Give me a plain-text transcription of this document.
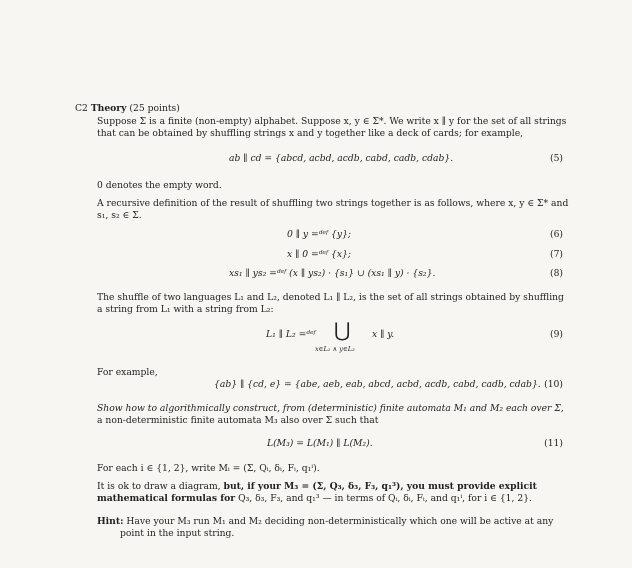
C2 Theory (25 points)
Suppose Σ is a finite (non-empty) alphabet. Suppose x, y ∈ Σ*. We write x ∥ y for the set of all strings
that can be obtained by shuffling strings x and y together like a deck of cards; for example,
ab ∥ cd = {abcd, acbd, acdb, cabd, cadb, cdab}.	(5)
0 denotes the empty word.
A recursive definition of the result of shuffling two strings together is as follows, where x, y ∈ Σ* and
s₁, s₂ ∈ Σ.
0 ∥ y =ᵈᵉᶠ {y};	(6)
x ∥ 0 =ᵈᵉᶠ {x};	(7)
xs₁ ∥ ys₂ =ᵈᵉᶠ (x ∥ ys₂) · {s₁} ∪ (xs₁ ∥ y) · {s₂}.	(8)
The shuffle of two languages L₁ and L₂, denoted L₁ ∥ L₂, is the set of all strings obtained by shuffling
a string from L₁ with a string from L₂:
L₁ ∥ L₂ =ᵈᵉᶠ ⋃ x ∥ y.
x∈L₁ ∧ y∈L₂
(9)
For example,
{ab} ∥ {cd, e} = {abe, aeb, eab, abcd, acbd, acdb, cabd, cadb, cdab}. (10)
Show how to algorithmically construct, from (deterministic) finite automata M₁ and M₂ each over Σ,
a non-deterministic finite automata M₃ also over Σ such that
L(M₃) = L(M₁) ∥ L(M₂).	(11)
For each i ∈ {1, 2}, write Mᵢ = (Σ, Qᵢ, δᵢ, Fᵢ, q₁ⁱ).
It is ok to draw a diagram, but, if your M₃ = (Σ, Q₃, δ₃, F₃, q₁³), you must provide explicit
mathematical formulas for Q₃, δ₃, F₃, and q₁³ — in terms of Qᵢ, δᵢ, Fᵢ, and q₁ⁱ, for i ∈ {1, 2}.
Hint: Have your M₃ run M₁ and M₂ deciding non-deterministically which one will be active at any
point in the input string.
